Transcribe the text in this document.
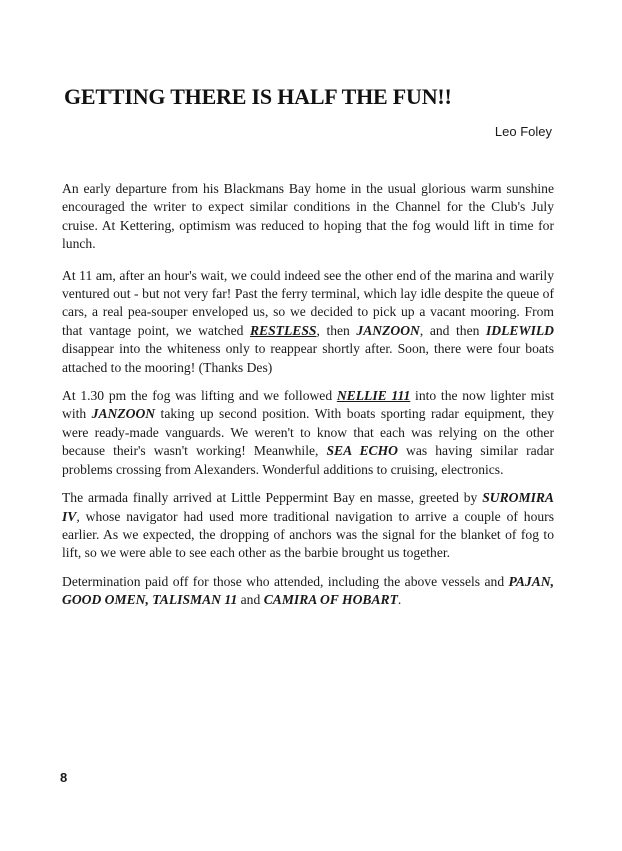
GETTING THERE IS HALF THE FUN!!
Leo Foley

An early departure from his Blackmans Bay home in the usual glorious warm sunshine encouraged the writer to expect similar conditions in the Channel for the Club's July cruise. At Kettering, optimism was reduced to hoping that the fog would lift in time for lunch.

At 11 am, after an hour's wait, we could indeed see the other end of the marina and warily ventured out - but not very far! Past the ferry terminal, which lay idle despite the queue of cars, a real pea-souper enveloped us, so we decided to pick up a vacant mooring. From that vantage point, we watched RESTLESS, then JANZOON, and then IDLEWILD disappear into the whiteness only to reappear shortly after. Soon, there were four boats attached to the mooring! (Thanks Des)

At 1.30 pm the fog was lifting and we followed NELLIE 111 into the now lighter mist with JANZOON taking up second position. With boats sporting radar equipment, they were ready-made vanguards. We weren't to know that each was relying on the other because their's wasn't working! Meanwhile, SEA ECHO was having similar radar problems crossing from Alexanders. Wonderful additions to cruising, electronics.

The armada finally arrived at Little Peppermint Bay en masse, greeted by SUROMIRA IV, whose navigator had used more traditional navigation to arrive a couple of hours earlier. As we expected, the dropping of anchors was the signal for the blanket of fog to lift, so we were able to see each other as the barbie brought us together.

Determination paid off for those who attended, including the above vessels and PAJAN, GOOD OMEN, TALISMAN 11 and CAMIRA OF HOBART.

8
